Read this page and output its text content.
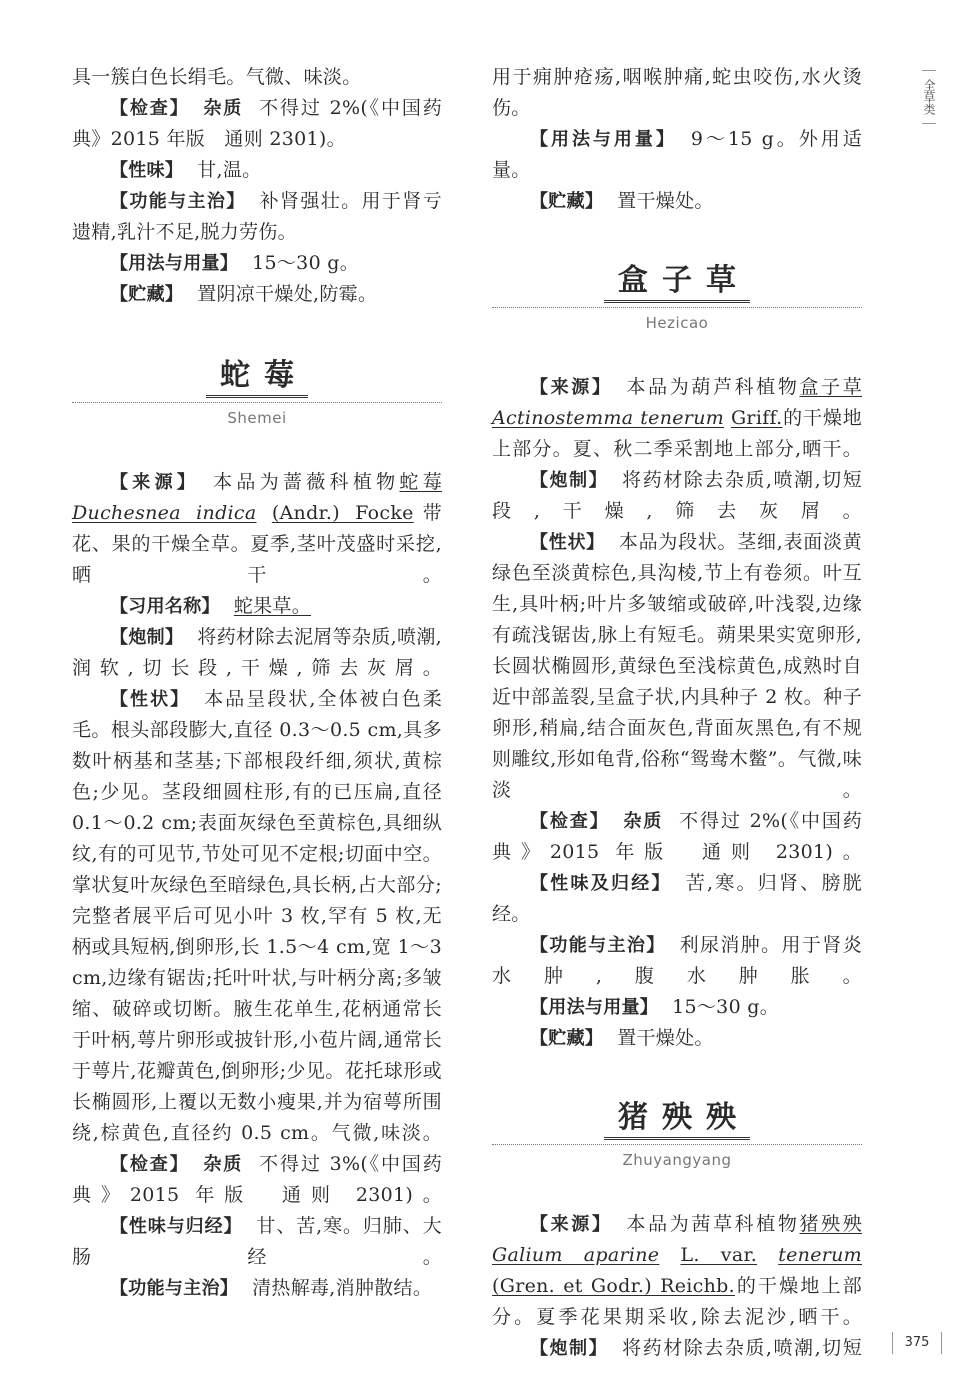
具一簇白色长绢毛。气微、味淡。

【检查】 杂质 不得过 2%(《中国药典》2015 年版　通则 2301)。

【性味】 甘,温。

【功能与主治】 补肾强壮。用于肾亏遗精,乳汁不足,脱力劳伤。

【用法与用量】 15～30 g。

【贮藏】 置阴凉干燥处,防霉。

蛇莓

Shemei

【来源】 本品为蔷薇科植物蛇莓 Duchesnea indica (Andr.) Focke带花、果的干燥全草。夏季,茎叶茂盛时采挖,晒干。

【习用名称】 蛇果草。

【炮制】 将药材除去泥屑等杂质,喷潮,润软,切长段,干燥,筛去灰屑。

【性状】 本品呈段状,全体被白色柔毛。根头部段膨大,直径 0.3～0.5 cm,具多数叶柄基和茎基;下部根段纤细,须状,黄棕色;少见。茎段细圆柱形,有的已压扁,直径 0.1～0.2 cm;表面灰绿色至黄棕色,具细纵纹,有的可见节,节处可见不定根;切面中空。掌状复叶灰绿色至暗绿色,具长柄,占大部分;完整者展平后可见小叶 3 枚,罕有 5 枚,无柄或具短柄,倒卵形,长 1.5～4 cm,宽 1～3 cm,边缘有锯齿;托叶叶状,与叶柄分离;多皱缩、破碎或切断。腋生花单生,花柄通常长于叶柄,萼片卵形或披针形,小苞片阔,通常长于萼片,花瓣黄色,倒卵形;少见。花托球形或长椭圆形,上覆以无数小瘦果,并为宿萼所围绕,棕黄色,直径约 0.5 cm。气微,味淡。

【检查】 杂质 不得过 3%(《中国药典》2015 年版　通则 2301)。

【性味与归经】 甘、苦,寒。归肺、大肠经。

【功能与主治】 清热解毒,消肿散结。

用于痈肿疮疡,咽喉肿痛,蛇虫咬伤,水火烫伤。

【用法与用量】 9～15 g。外用适量。

【贮藏】 置干燥处。

盒子草

Hezicao

【来源】 本品为葫芦科植物盒子草 Actinostemma tenerum Griff.的干燥地上部分。夏、秋二季采割地上部分,晒干。

【炮制】 将药材除去杂质,喷潮,切短段,干燥,筛去灰屑。

【性状】 本品为段状。茎细,表面淡黄绿色至淡黄棕色,具沟棱,节上有卷须。叶互生,具叶柄;叶片多皱缩或破碎,叶浅裂,边缘有疏浅锯齿,脉上有短毛。蒴果果实宽卵形,长圆状椭圆形,黄绿色至浅棕黄色,成熟时自近中部盖裂,呈盒子状,内具种子 2 枚。种子卵形,稍扁,结合面灰色,背面灰黑色,有不规则雕纹,形如龟背,俗称“鸳鸯木鳖”。气微,味淡。

【检查】 杂质 不得过 2%(《中国药典》2015 年版　通则 2301)。

【性味及归经】 苦,寒。归肾、膀胱经。

【功能与主治】 利尿消肿。用于肾炎水肿,腹水肿胀。

【用法与用量】 15～30 g。

【贮藏】 置干燥处。

猪殃殃

Zhuyangyang

【来源】 本品为茜草科植物猪殃殃 Galium aparine L. var. tenerum (Gren. et Godr.) Reichb.的干燥地上部分。夏季花果期采收,除去泥沙,晒干。

【炮制】 将药材除去杂质,喷潮,切短

全草类
375
